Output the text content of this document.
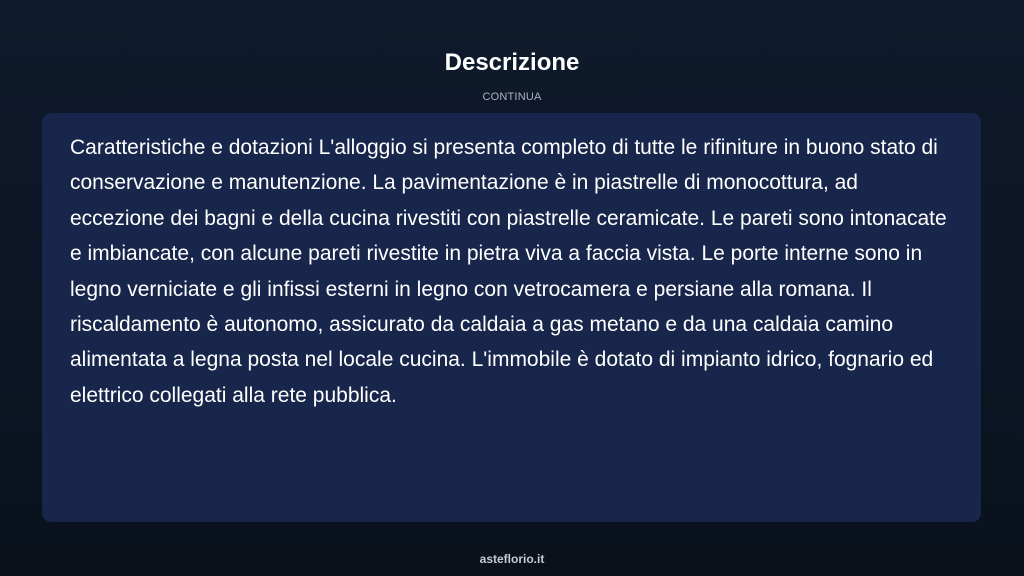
Descrizione
CONTINUA

Caratteristiche e dotazioni L'alloggio si presenta completo di tutte le rifiniture in buono stato di conservazione e manutenzione. La pavimentazione è in piastrelle di monocottura, ad eccezione dei bagni e della cucina rivestiti con piastrelle ceramicate. Le pareti sono intonacate e imbiancate, con alcune pareti rivestite in pietra viva a faccia vista. Le porte interne sono in legno verniciate e gli infissi esterni in legno con vetrocamera e persiane alla romana. Il riscaldamento è autonomo, assicurato da caldaia a gas metano e da una caldaia camino alimentata a legna posta nel locale cucina. L'immobile è dotato di impianto idrico, fognario ed elettrico collegati alla rete pubblica.

asteflorio.it
